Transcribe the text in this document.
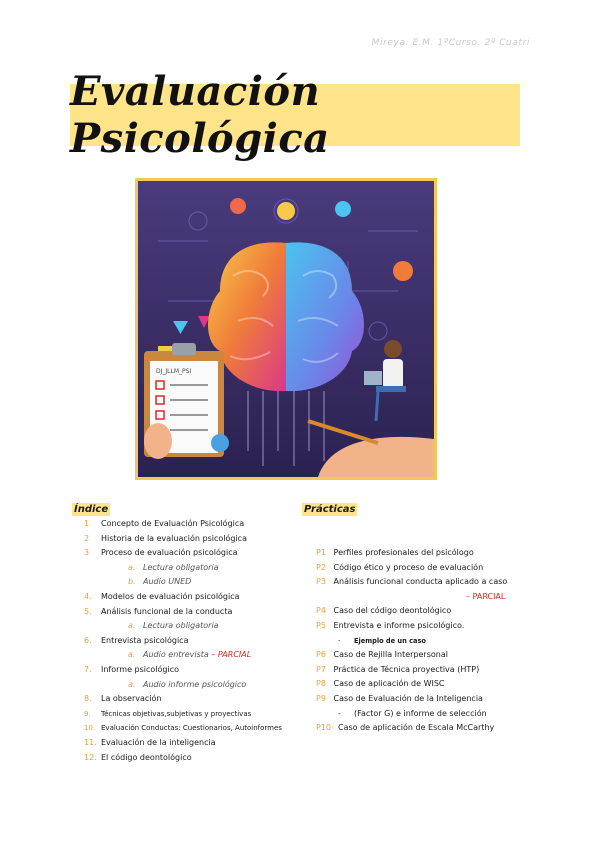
Mireya. E.M. 1ºCurso. 2º Cuatri
Evaluación Psicológica
DJ_JLLM_PSI
Índice	Prácticas
1 Concepto de Evaluación Psicológica
2 Historia de la evaluación psicológica
3 Proceso de evaluación psicológica
a. Lectura obligatoria
b. Audio UNED
4. Modelos de evaluación psicológica
5. Análisis funcional de la conducta
a. Lectura obligatoria
6. Entrevista psicológica
a. Audio entrevista – PARCIAL
7. Informe psicológico
a. Audio informe psicológico
8. La observación
9. Técnicas objetivas,subjetivas y proyectivas
10. Evaluación Conductas: Cuestionarios, Autoinformes
11. Evaluación de la inteligencia
12. El código deontológico
P1 Perfiles profesionales del psicólogo
P2 Código ético y proceso de evaluación
P3 Análisis funcional conducta aplicado a caso
– PARCIAL
P4 Caso del código deontológico
P5 Entrevista e informe psicológico.
- Ejemplo de un caso
P6 Caso de Rejilla Interpersonal
P7 Práctica de Técnica proyectiva (HTP)
P8 Caso de aplicación de WISC
P9 Caso de Evaluación de la Inteligencia
- (Factor G) e informe de selección
P10· Caso de aplicación de Escala McCarthy
